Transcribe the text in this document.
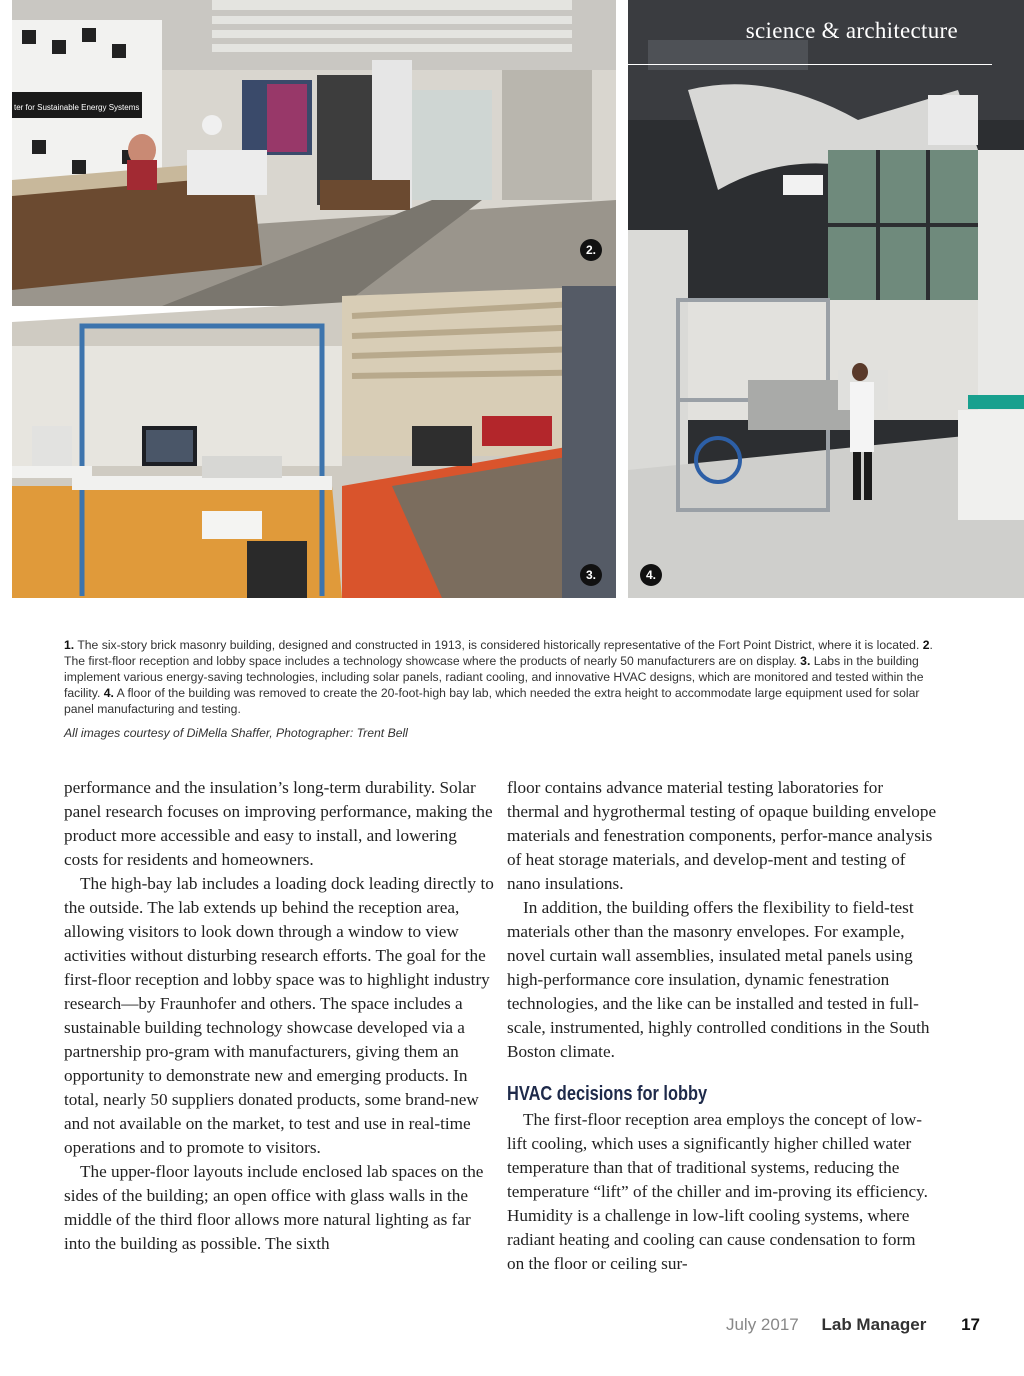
ter for Sustainable Energy Systems
science & architecture
2.
3.	4.
1. The six-story brick masonry building, designed and constructed in 1913, is considered historically representative of the Fort Point District, where it is located. 2. The first-floor reception and lobby space includes a technology showcase where the products of nearly 50 manufacturers are on display. 3. Labs in the building implement various energy-saving technologies, including solar panels, radiant cooling, and innovative HVAC designs, which are monitored and tested within the facility. 4. A floor of the building was removed to create the 20-foot-high bay lab, which needed the extra height to accommodate large equipment used for solar panel manufacturing and testing.
All images courtesy of DiMella Shaffer, Photographer: Trent Bell

performance and the insulation’s long-term durability. Solar panel research focuses on improving performance, making the product more accessible and easy to install, and lowering costs for residents and homeowners.

The high-bay lab includes a loading dock leading directly to the outside. The lab extends up behind the reception area, allowing visitors to look down through a window to view activities without disturbing research efforts. The goal for the first-floor reception and lobby space was to highlight industry research—by Fraunhofer and others. The space includes a sustainable building technology showcase developed via a partnership pro-gram with manufacturers, giving them an opportunity to demonstrate new and emerging products. In total, nearly 50 suppliers donated products, some brand-new and not available on the market, to test and use in real-time operations and to promote to visitors.

The upper-floor layouts include enclosed lab spaces on the sides of the building; an open office with glass walls in the middle of the third floor allows more natural lighting as far into the building as possible. The sixth

floor contains advance material testing laboratories for thermal and hygrothermal testing of opaque building envelope materials and fenestration components, perfor-mance analysis of heat storage materials, and develop-ment and testing of nano insulations.

In addition, the building offers the flexibility to field-test materials other than the masonry envelopes. For example, novel curtain wall assemblies, insulated metal panels using high-performance core insulation, dynamic fenestration technologies, and the like can be installed and tested in full-scale, instrumented, highly controlled conditions in the South Boston climate.

HVAC decisions for lobby

The first-floor reception area employs the concept of low-lift cooling, which uses a significantly higher chilled water temperature than that of traditional systems, reducing the temperature “lift” of the chiller and im-proving its efficiency. Humidity is a challenge in low-lift cooling systems, where radiant heating and cooling can cause condensation to form on the floor or ceiling sur-

July 2017 Lab Manager 17
